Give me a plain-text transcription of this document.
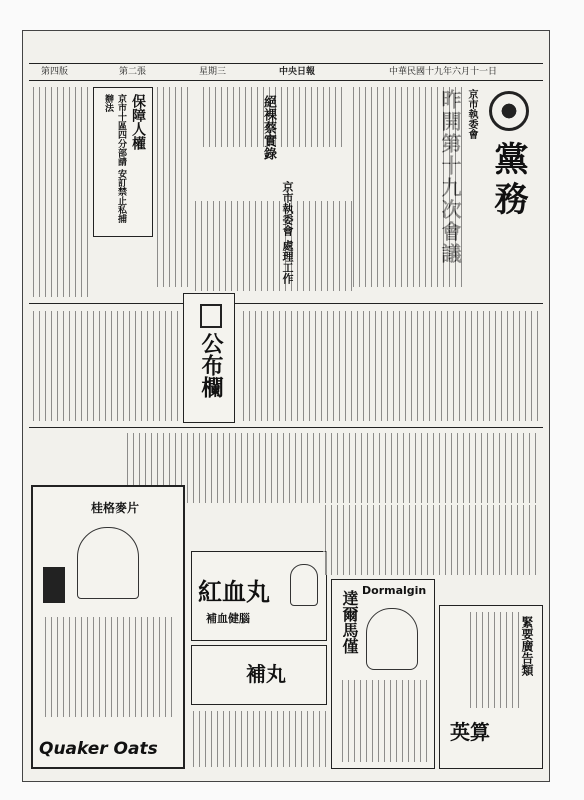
第四版	第二張	星期三	中央日報	中華民國十九年六月十一日
黨務
京市執委會
絕裸蔡實錄
京市執委會 處理工作
保障人權
京市十區四分部請 安訂禁止私捕辦法
公布欄
桂格麥片
Quaker Oats
紅血丸
補血健腦
補丸
Dormalgin
達爾馬僅	緊要廣告類
英算
